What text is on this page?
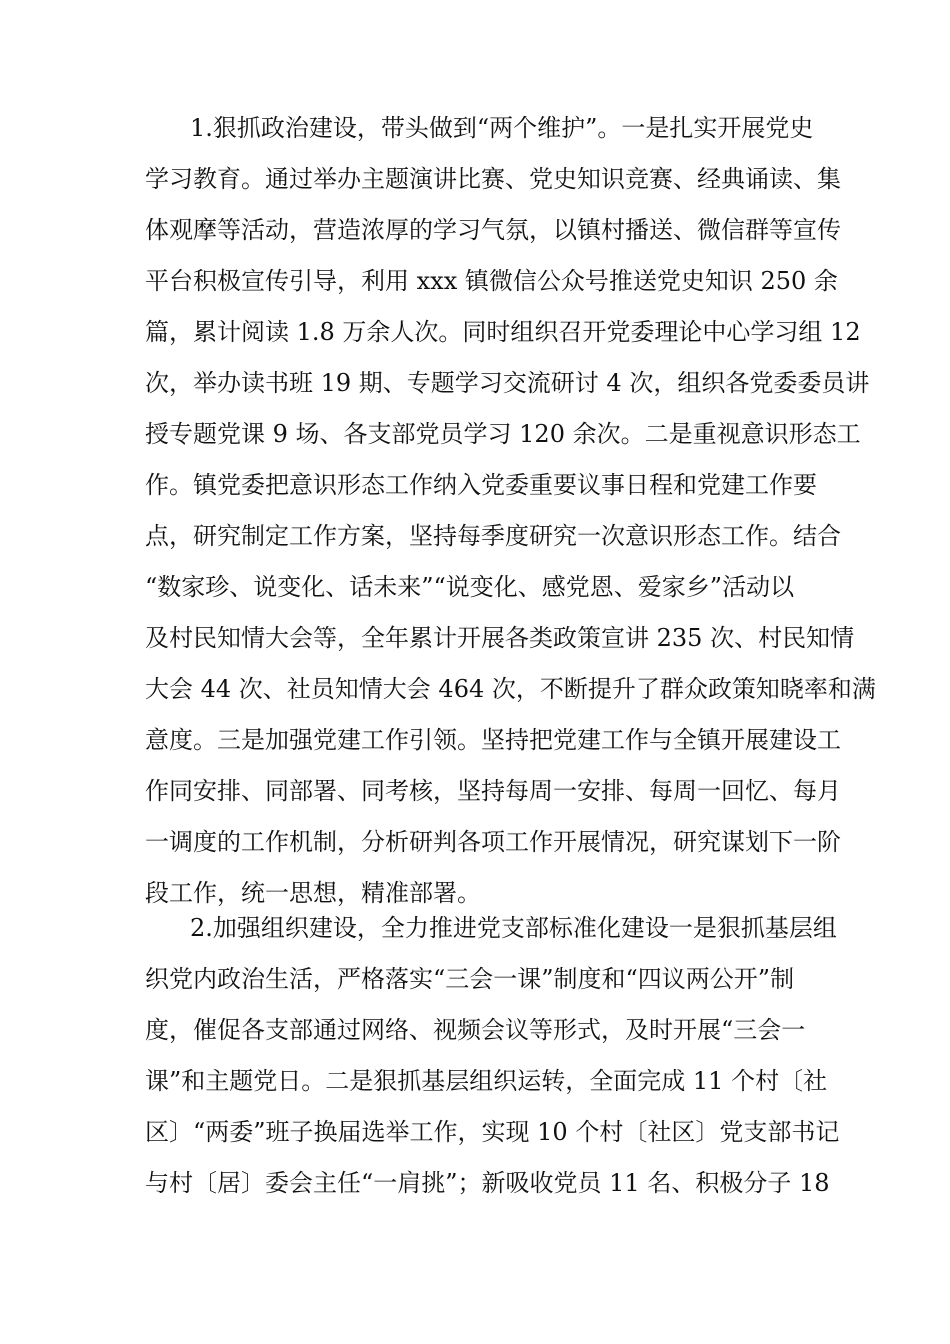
1.狠抓政治建设，带头做到“两个维护”。一是扎实开展党史
学习教育。通过举办主题演讲比赛、党史知识竞赛、经典诵读、集
体观摩等活动，营造浓厚的学习气氛，以镇村播送、微信群等宣传
平台积极宣传引导，利用 xxx 镇微信公众号推送党史知识 250 余
篇，累计阅读 1.8 万余人次。同时组织召开党委理论中心学习组 12
次，举办读书班 19 期、专题学习交流研讨 4 次，组织各党委委员讲
授专题党课 9 场、各支部党员学习 120 余次。二是重视意识形态工
作。镇党委把意识形态工作纳入党委重要议事日程和党建工作要
点，研究制定工作方案，坚持每季度研究一次意识形态工作。结合
“数家珍、说变化、话未来”“说变化、感党恩、爱家乡”活动以
及村民知情大会等，全年累计开展各类政策宣讲 235 次、村民知情
大会 44 次、社员知情大会 464 次，不断提升了群众政策知晓率和满
意度。三是加强党建工作引领。坚持把党建工作与全镇开展建设工
作同安排、同部署、同考核，坚持每周一安排、每周一回忆、每月
一调度的工作机制，分析研判各项工作开展情况，研究谋划下一阶
段工作，统一思想，精准部署。
2.加强组织建设，全力推进党支部标准化建设一是狠抓基层组
织党内政治生活，严格落实“三会一课”制度和“四议两公开”制
度，催促各支部通过网络、视频会议等形式，及时开展“三会一
课”和主题党日。二是狠抓基层组织运转，全面完成 11 个村〔社
区〕“两委”班子换届选举工作，实现 10 个村〔社区〕党支部书记
与村〔居〕委会主任“一肩挑”；新吸收党员 11 名、积极分子 18
